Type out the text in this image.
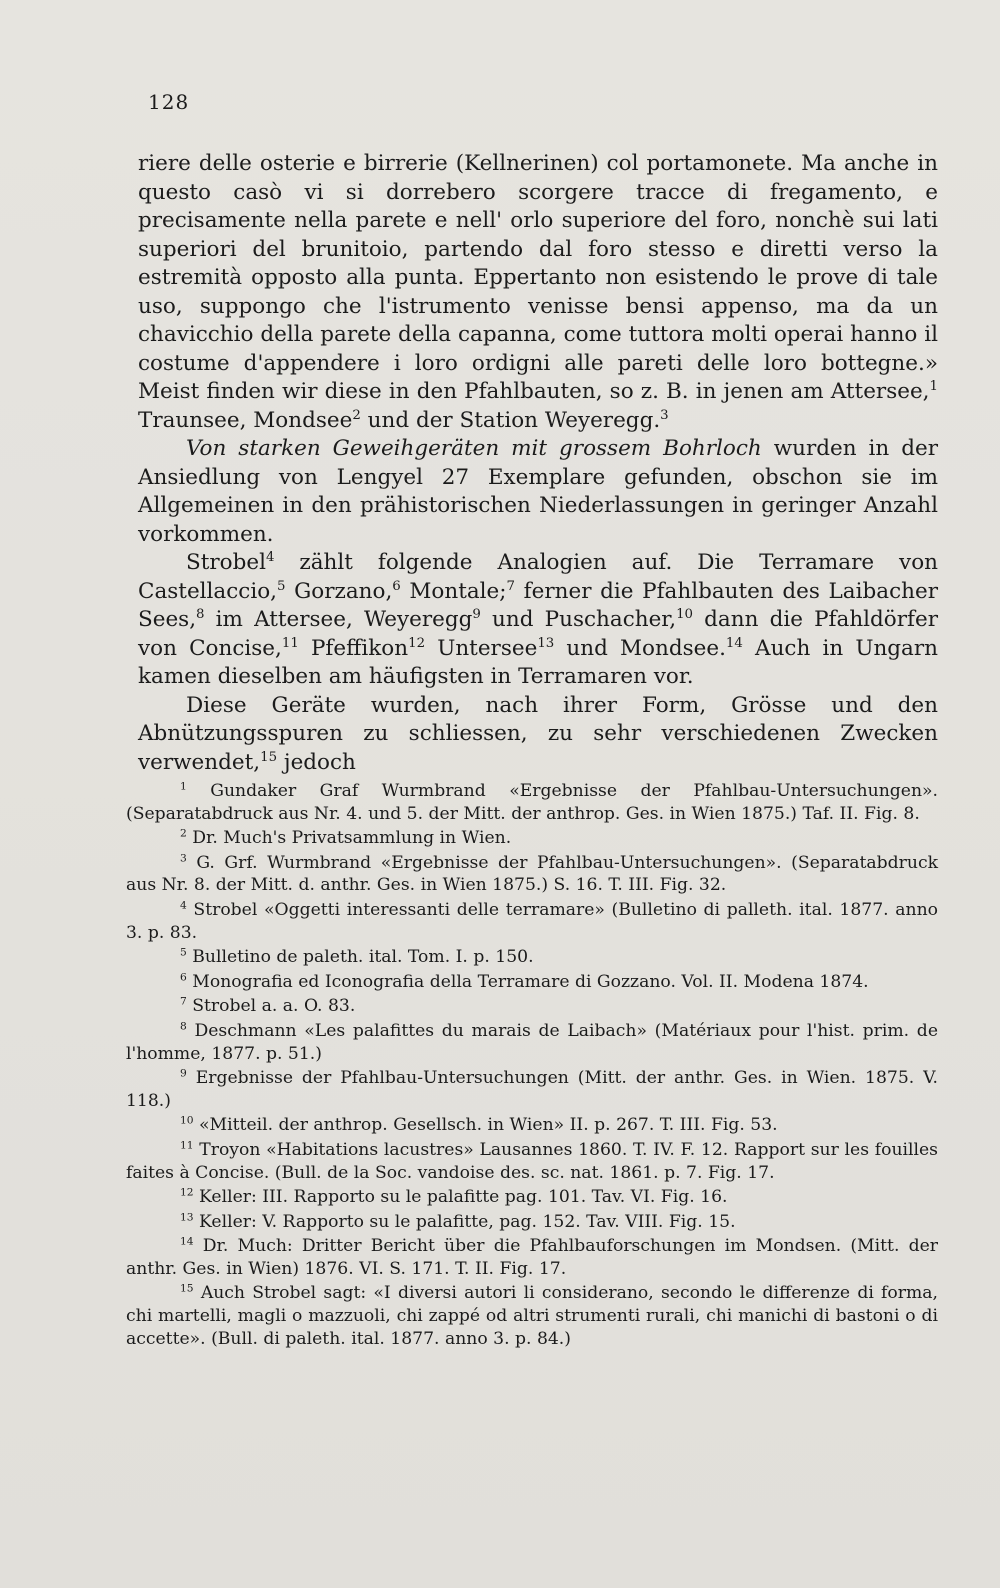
128

riere delle osterie e birrerie (Kellnerinen) col portamonete. Ma anche in questo casò vi si dorrebero scorgere tracce di fregamento, e precisamente nella parete e nell' orlo superiore del foro, nonchè sui lati superiori del brunitoio, partendo dal foro stesso e diretti verso la estremità opposto alla punta. Eppertanto non esistendo le prove di tale uso, suppongo che l'istrumento venisse bensi appenso, ma da un chavicchio della parete della capanna, come tuttora molti operai hanno il costume d'appendere i loro ordigni alle pareti delle loro bottegne.» Meist finden wir diese in den Pfahlbauten, so z. B. in jenen am Attersee,$^1$ Traunsee, Mondsee$^2$ und der Station Weyeregg.$^3$

Von starken Geweihgeräten mit grossem Bohrloch wurden in der Ansiedlung von Lengyel 27 Exemplare gefunden, obschon sie im Allgemeinen in den prähistorischen Niederlassungen in geringer Anzahl vorkommen.

Strobel$^4$ zählt folgende Analogien auf. Die Terramare von Castellaccio,$^5$ Gorzano,$^6$ Montale;$^7$ ferner die Pfahlbauten des Laibacher Sees,$^8$ im Attersee, Weyeregg$^9$ und Puschacher,$^{10}$ dann die Pfahldörfer von Concise,$^{11}$ Pfeffikon$^{12}$ Untersee$^{13}$ und Mondsee.$^{14}$ Auch in Ungarn kamen dieselben am häufigsten in Terramaren vor.

Diese Geräte wurden, nach ihrer Form, Grösse und den Abnützungsspuren zu schliessen, zu sehr verschiedenen Zwecken verwendet,$^{15}$ jedoch

$^1$ Gundaker Graf Wurmbrand «Ergebnisse der Pfahlbau-Untersuchungen». (Separatabdruck aus Nr. 4. und 5. der Mitt. der anthrop. Ges. in Wien 1875.) Taf. II. Fig. 8.

$^2$ Dr. Much's Privatsammlung in Wien.

$^3$ G. Grf. Wurmbrand «Ergebnisse der Pfahlbau-Untersuchungen». (Separatabdruck aus Nr. 8. der Mitt. d. anthr. Ges. in Wien 1875.) S. 16. T. III. Fig. 32.

$^4$ Strobel «Oggetti interessanti delle terramare» (Bulletino di palleth. ital. 1877. anno 3. p. 83.

$^5$ Bulletino de paleth. ital. Tom. I. p. 150.

$^6$ Monografia ed Iconografia della Terramare di Gozzano. Vol. II. Modena 1874.

$^7$ Strobel a. a. O. 83.

$^8$ Deschmann «Les palafittes du marais de Laibach» (Matériaux pour l'hist. prim. de l'homme, 1877. p. 51.)

$^9$ Ergebnisse der Pfahlbau-Untersuchungen (Mitt. der anthr. Ges. in Wien. 1875. V. 118.)

$^{10}$ «Mitteil. der anthrop. Gesellsch. in Wien» II. p. 267. T. III. Fig. 53.

$^{11}$ Troyon «Habitations lacustres» Lausannes 1860. T. IV. F. 12. Rapport sur les fouilles faites à Concise. (Bull. de la Soc. vandoise des. sc. nat. 1861. p. 7. Fig. 17.

$^{12}$ Keller: III. Rapporto su le palafitte pag. 101. Tav. VI. Fig. 16.

$^{13}$ Keller: V. Rapporto su le palafitte, pag. 152. Tav. VIII. Fig. 15.

$^{14}$ Dr. Much: Dritter Bericht über die Pfahlbauforschungen im Mondsen. (Mitt. der anthr. Ges. in Wien) 1876. VI. S. 171. T. II. Fig. 17.

$^{15}$ Auch Strobel sagt: «I diversi autori li considerano, secondo le differenze di forma, chi martelli, magli o mazzuoli, chi zappé od altri strumenti rurali, chi manichi di bastoni o di accette». (Bull. di paleth. ital. 1877. anno 3. p. 84.)
